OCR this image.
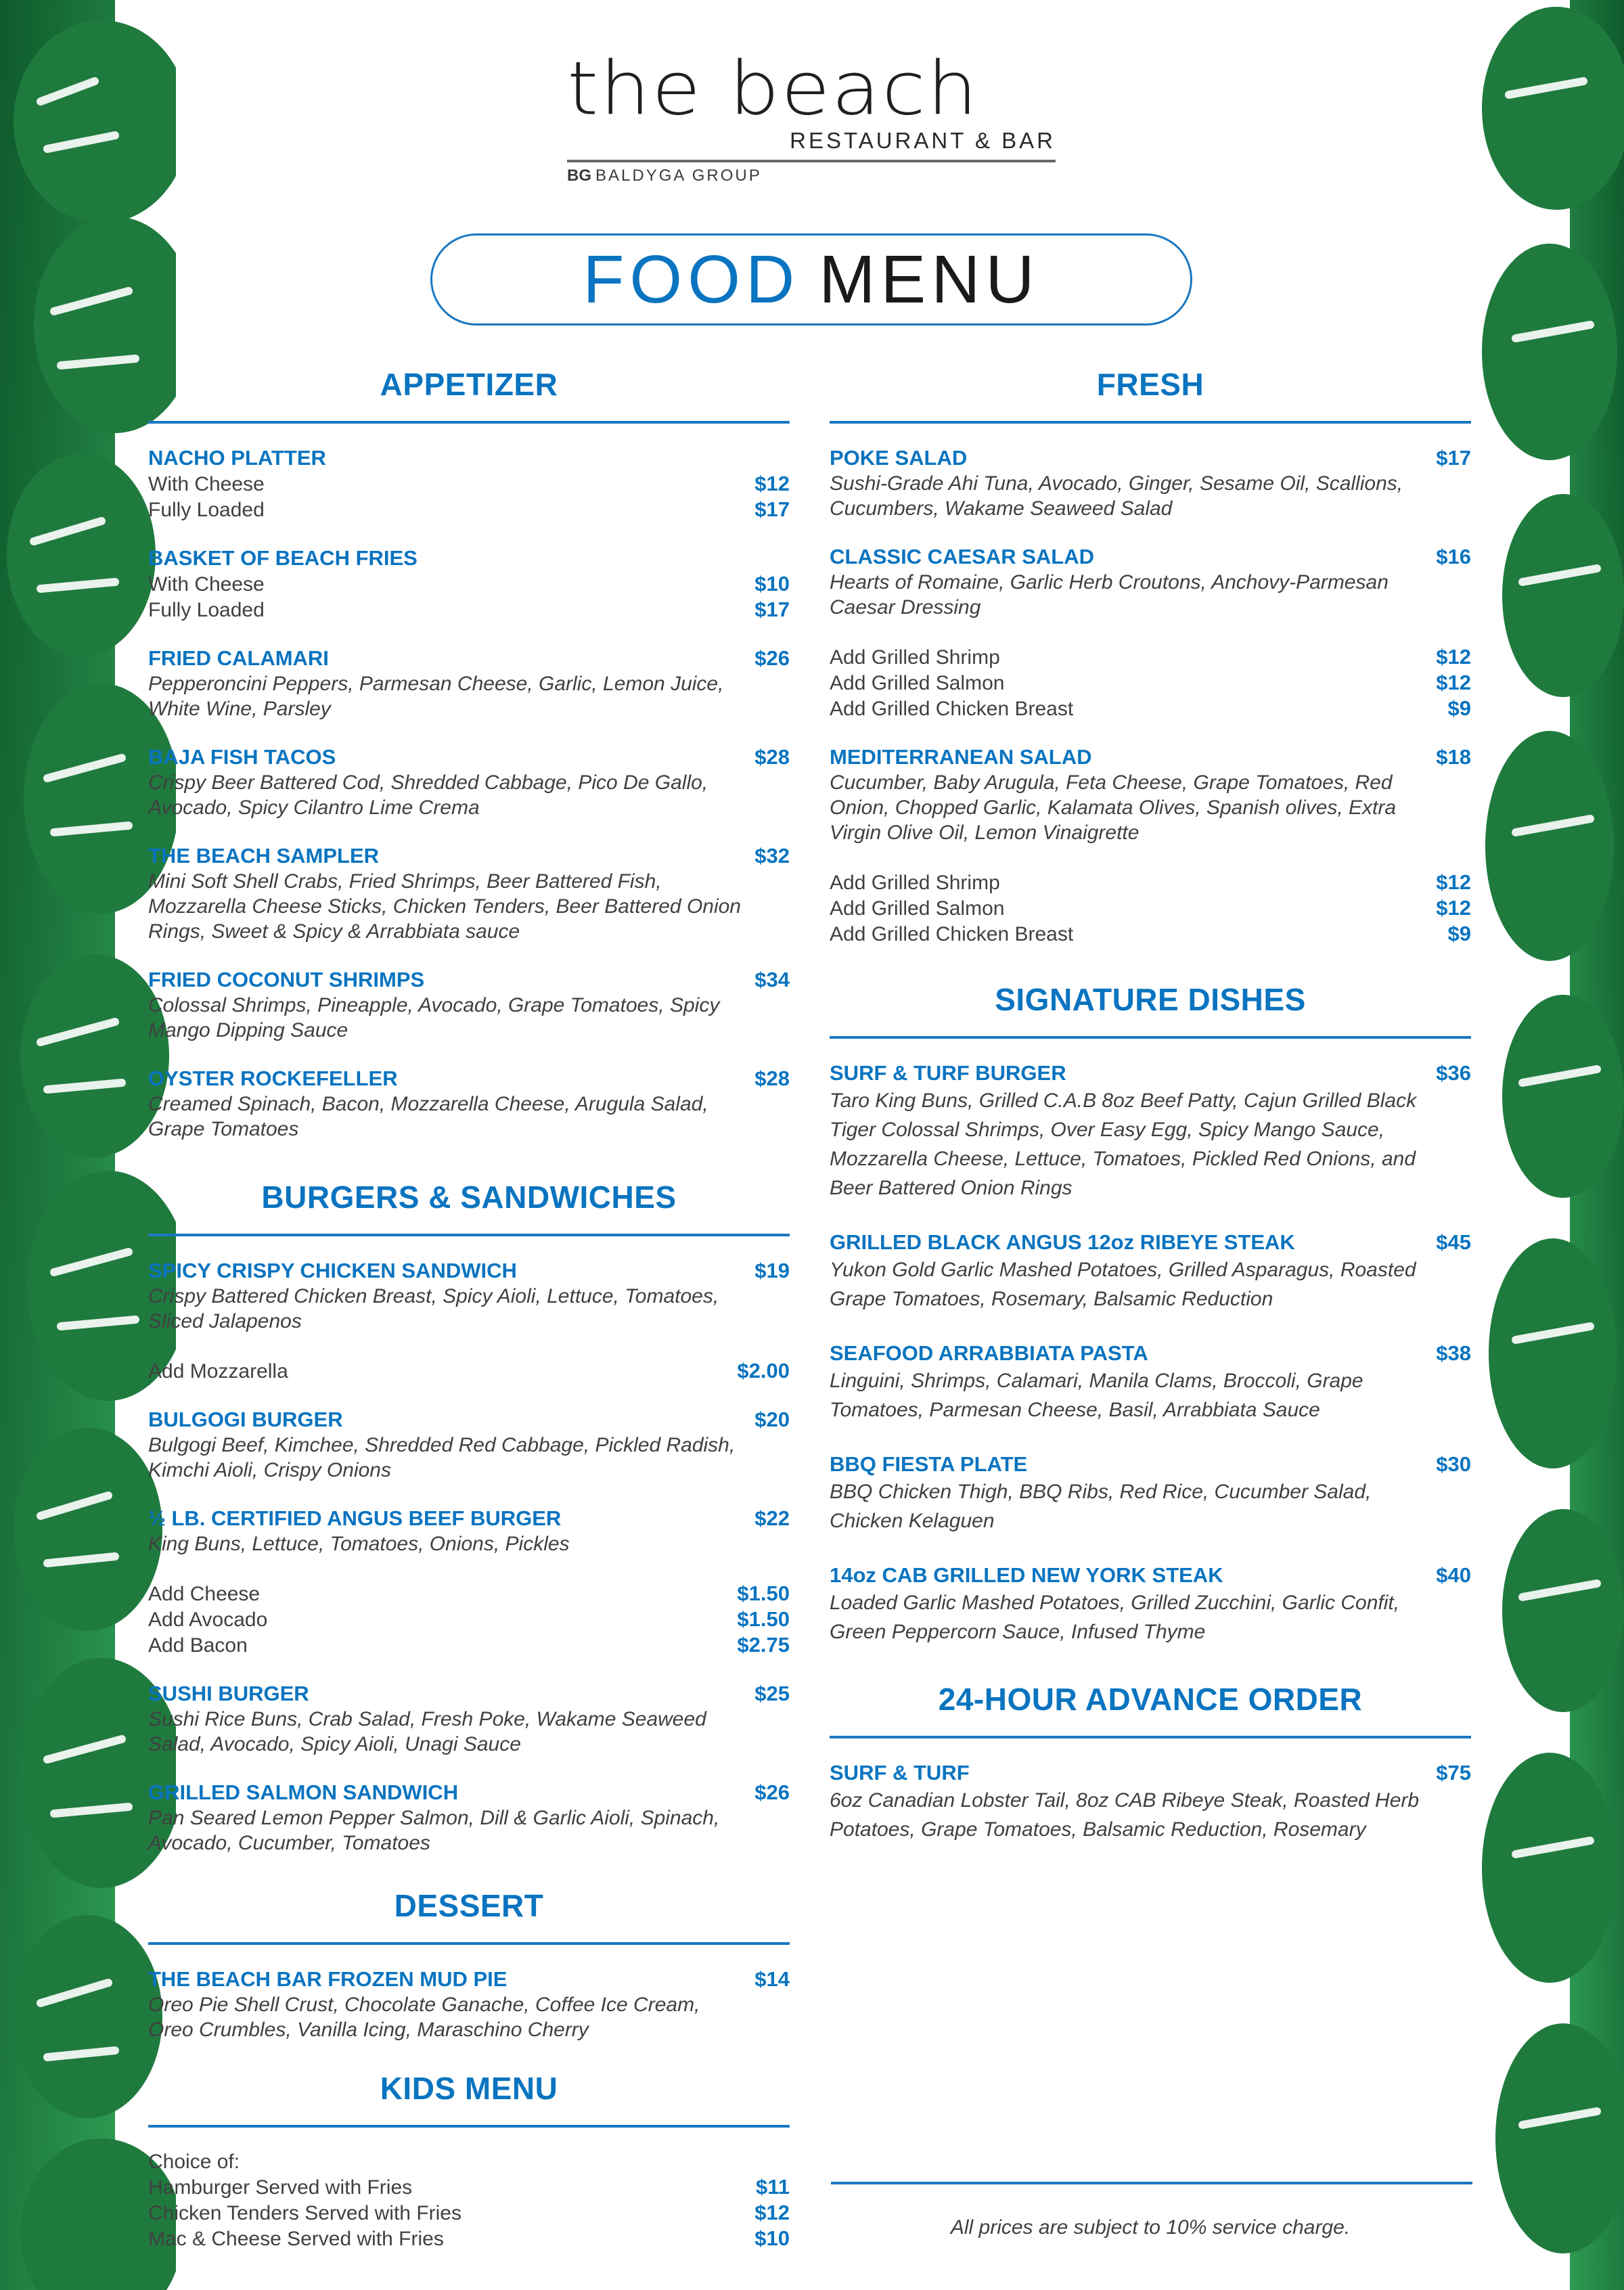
the beach
RESTAURANT & BAR
BG BALDYGA GROUP
FOOD MENU
APPETIZER
NACHO PLATTER
With Cheese	$12
Fully Loaded	$17
BASKET OF BEACH FRIES
With Cheese	$10
Fully Loaded	$17
FRIED CALAMARI	$26
Pepperoncini Peppers, Parmesan Cheese, Garlic, Lemon Juice, White Wine, Parsley
BAJA FISH TACOS	$28
Crispy Beer Battered Cod, Shredded Cabbage, Pico De Gallo, Avocado, Spicy Cilantro Lime Crema
THE BEACH SAMPLER	$32
Mini Soft Shell Crabs, Fried Shrimps, Beer Battered Fish, Mozzarella Cheese Sticks, Chicken Tenders, Beer Battered Onion Rings, Sweet & Spicy & Arrabbiata sauce
FRIED COCONUT SHRIMPS	$34
Colossal Shrimps, Pineapple, Avocado, Grape Tomatoes, Spicy Mango Dipping Sauce
OYSTER ROCKEFELLER	$28
Creamed Spinach, Bacon, Mozzarella Cheese, Arugula Salad, Grape Tomatoes
BURGERS & SANDWICHES
SPICY CRISPY CHICKEN SANDWICH	$19
Crispy Battered Chicken Breast, Spicy Aioli, Lettuce, Tomatoes, Sliced Jalapenos
Add Mozzarella	$2.00
BULGOGI BURGER	$20
Bulgogi Beef, Kimchee, Shredded Red Cabbage, Pickled Radish, Kimchi Aioli, Crispy Onions
½ LB. CERTIFIED ANGUS BEEF BURGER	$22
King Buns, Lettuce, Tomatoes, Onions, Pickles
Add Cheese	$1.50
Add Avocado	$1.50
Add Bacon	$2.75
SUSHI BURGER	$25
Sushi Rice Buns, Crab Salad, Fresh Poke, Wakame Seaweed Salad, Avocado, Spicy Aioli, Unagi Sauce
GRILLED SALMON SANDWICH	$26
Pan Seared Lemon Pepper Salmon, Dill & Garlic Aioli, Spinach, Avocado, Cucumber, Tomatoes
DESSERT
THE BEACH BAR FROZEN MUD PIE	$14
Oreo Pie Shell Crust, Chocolate Ganache, Coffee Ice Cream, Oreo Crumbles, Vanilla Icing, Maraschino Cherry
KIDS MENU
Choice of:
Hamburger Served with Fries	$11
Chicken Tenders Served with Fries	$12
Mac & Cheese Served with Fries	$10
FRESH
POKE SALAD	$17
Sushi-Grade Ahi Tuna, Avocado, Ginger, Sesame Oil, Scallions, Cucumbers, Wakame Seaweed Salad
CLASSIC CAESAR SALAD	$16
Hearts of Romaine, Garlic Herb Croutons, Anchovy-Parmesan Caesar Dressing
Add Grilled Shrimp	$12
Add Grilled Salmon	$12
Add Grilled Chicken Breast	$9
MEDITERRANEAN SALAD	$18
Cucumber, Baby Arugula, Feta Cheese, Grape Tomatoes, Red Onion, Chopped Garlic, Kalamata Olives, Spanish olives, Extra Virgin Olive Oil, Lemon Vinaigrette
Add Grilled Shrimp	$12
Add Grilled Salmon	$12
Add Grilled Chicken Breast	$9
SIGNATURE DISHES
SURF & TURF BURGER	$36
Taro King Buns, Grilled C.A.B 8oz Beef Patty, Cajun Grilled Black Tiger Colossal Shrimps, Over Easy Egg, Spicy Mango Sauce, Mozzarella Cheese, Lettuce, Tomatoes, Pickled Red Onions, and Beer Battered Onion Rings
GRILLED BLACK ANGUS 12oz RIBEYE STEAK	$45
Yukon Gold Garlic Mashed Potatoes, Grilled Asparagus, Roasted Grape Tomatoes, Rosemary, Balsamic Reduction
SEAFOOD ARRABBIATA PASTA	$38
Linguini, Shrimps, Calamari, Manila Clams, Broccoli, Grape Tomatoes, Parmesan Cheese, Basil, Arrabbiata Sauce
BBQ FIESTA PLATE	$30
BBQ Chicken Thigh, BBQ Ribs, Red Rice, Cucumber Salad, Chicken Kelaguen
14oz CAB GRILLED NEW YORK STEAK	$40
Loaded Garlic Mashed Potatoes, Grilled Zucchini, Garlic Confit, Green Peppercorn Sauce, Infused Thyme
24-HOUR ADVANCE ORDER
SURF & TURF	$75
6oz Canadian Lobster Tail, 8oz CAB Ribeye Steak, Roasted Herb Potatoes, Grape Tomatoes, Balsamic Reduction, Rosemary
All prices are subject to 10% service charge.
